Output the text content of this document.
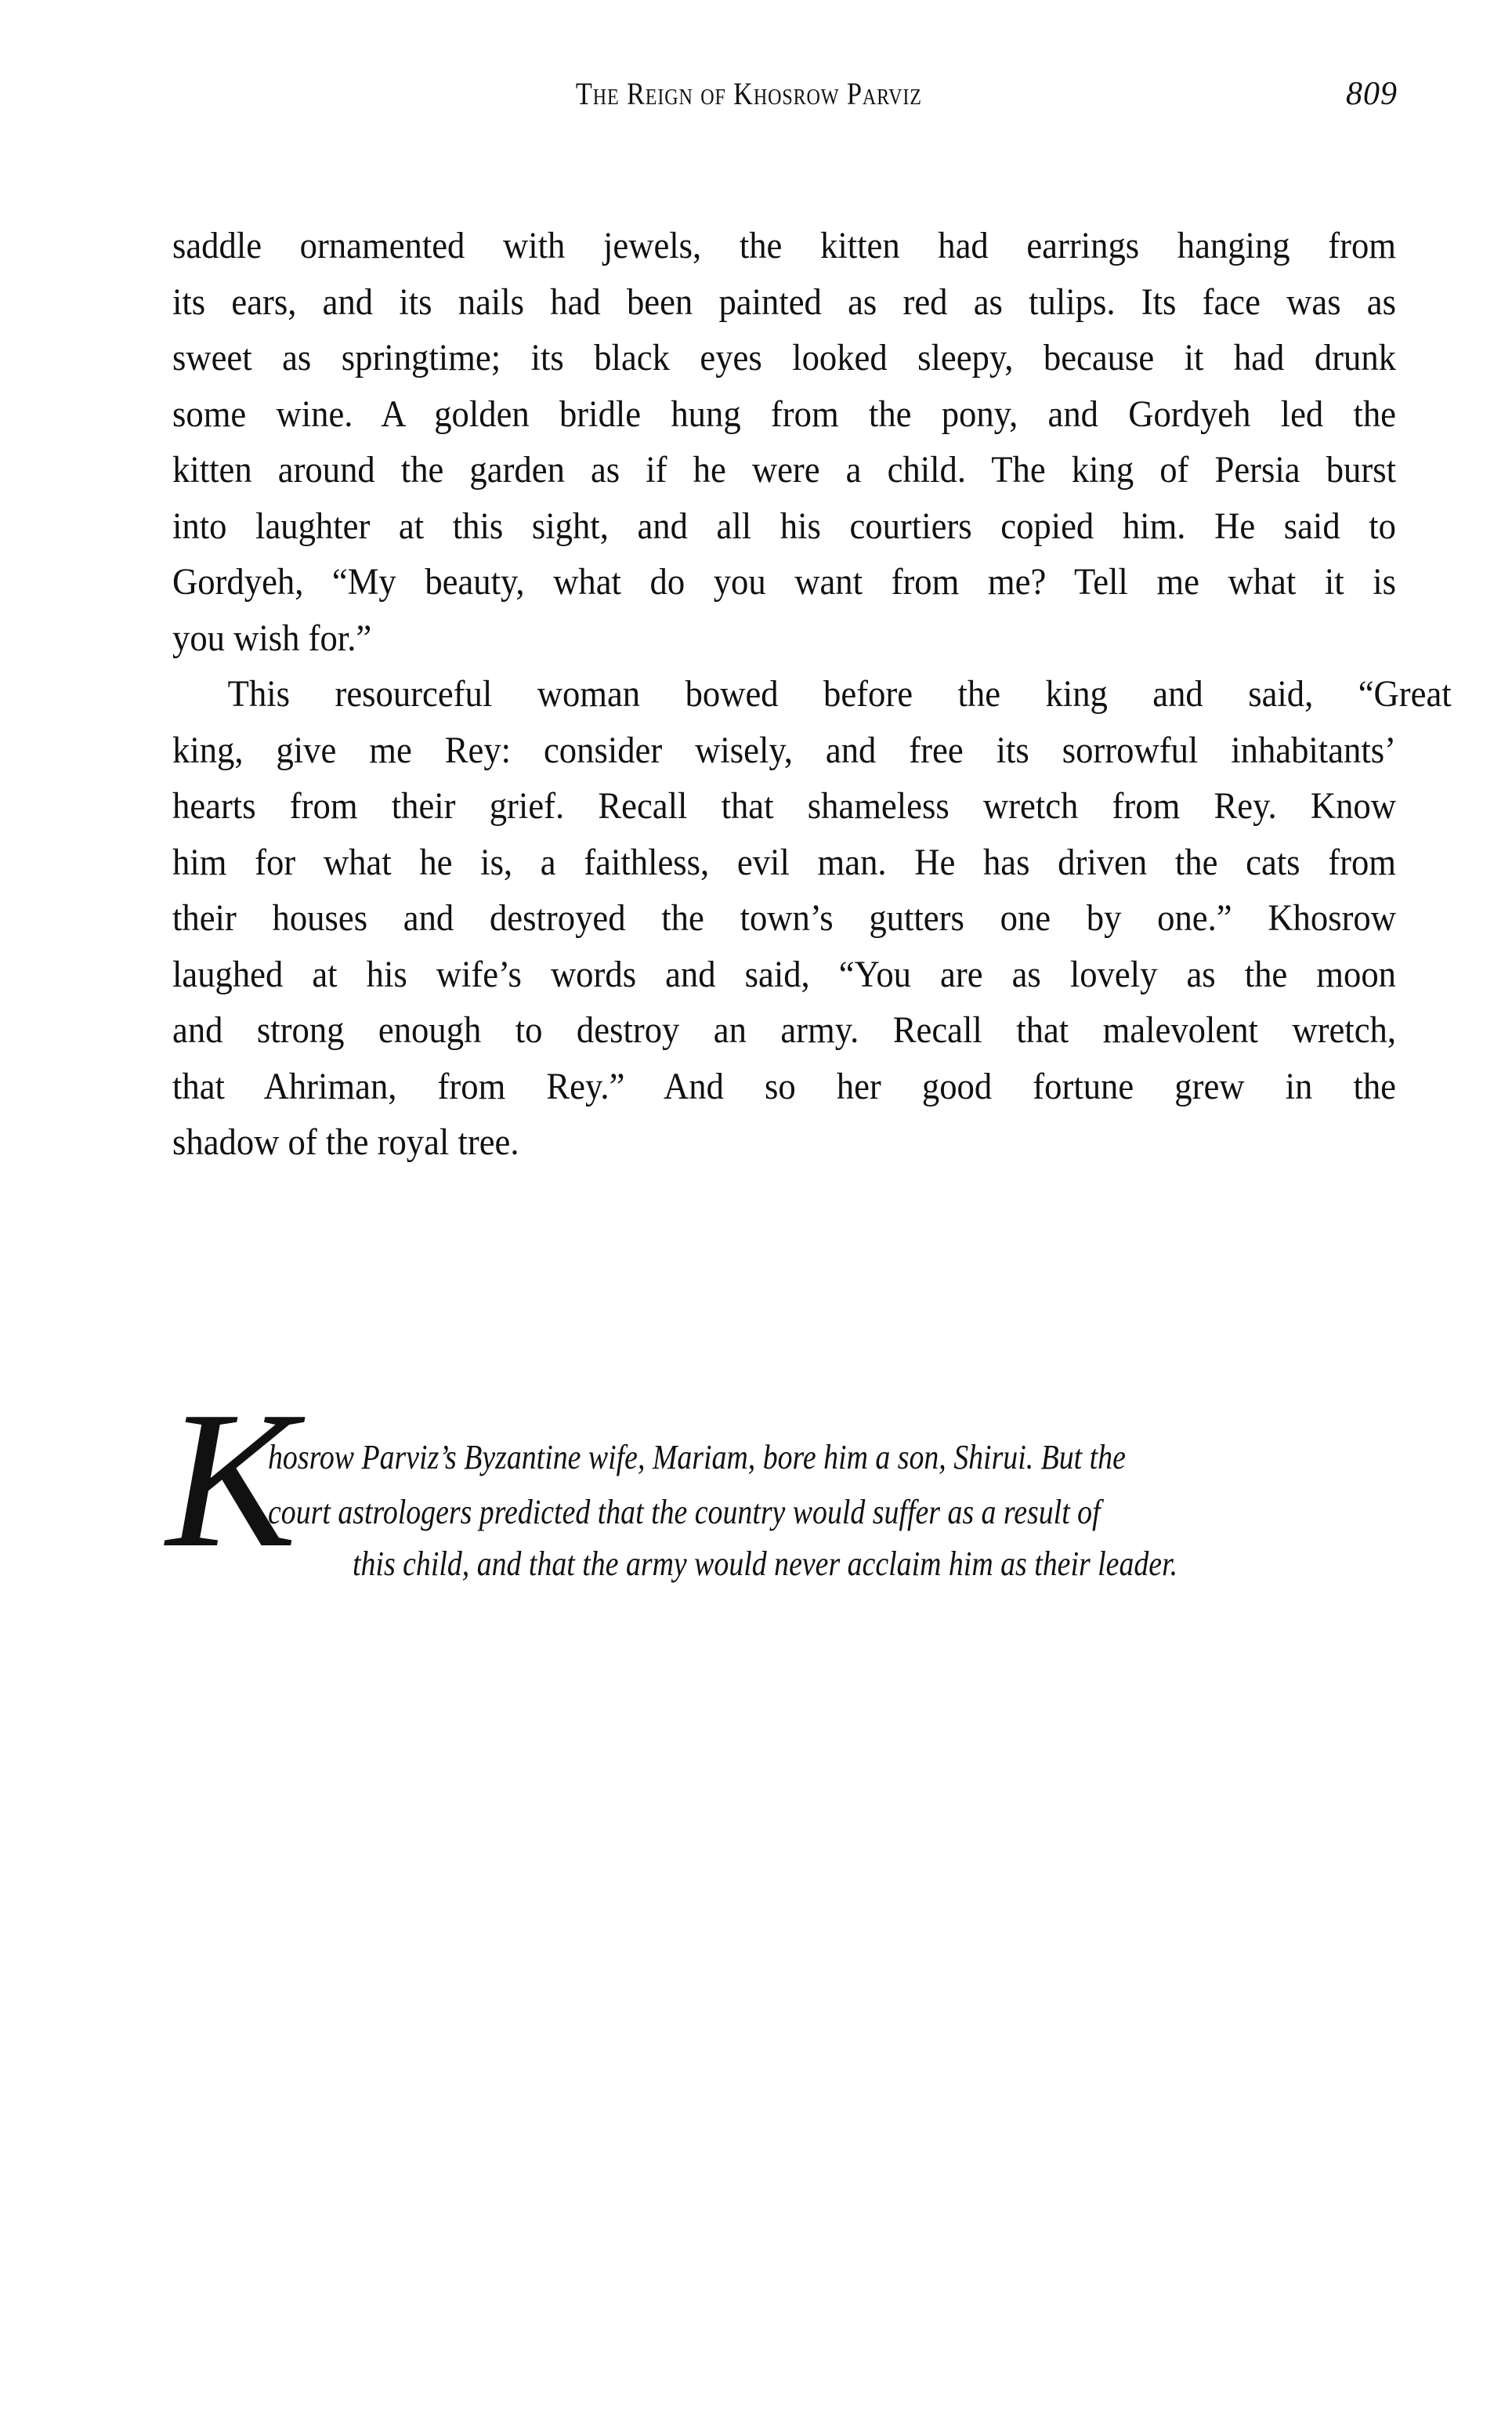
The Reign of Khosrow Parviz	809

saddle ornamented with jewels, the kitten had earrings hanging from
its ears, and its nails had been painted as red as tulips. Its face was as
sweet as springtime; its black eyes looked sleepy, because it had drunk
some wine. A golden bridle hung from the pony, and Gordyeh led the
kitten around the garden as if he were a child. The king of Persia burst
into laughter at this sight, and all his courtiers copied him. He said to
Gordyeh, “My beauty, what do you want from me? Tell me what it is
you wish for.”

This resourceful woman bowed before the king and said, “Great
king, give me Rey: consider wisely, and free its sorrowful inhabitants’
hearts from their grief. Recall that shameless wretch from Rey. Know
him for what he is, a faithless, evil man. He has driven the cats from
their houses and destroyed the town’s gutters one by one.” Khosrow
laughed at his wife’s words and said, “You are as lovely as the moon
and strong enough to destroy an army. Recall that malevolent wretch,
that Ahriman, from Rey.” And so her good fortune grew in the
shadow of the royal tree.

K
hosrow Parviz’s Byzantine wife, Mariam, bore him a son, Shirui. But the
court astrologers predicted that the country would suffer as a result of
this child, and that the army would never acclaim him as their leader.
